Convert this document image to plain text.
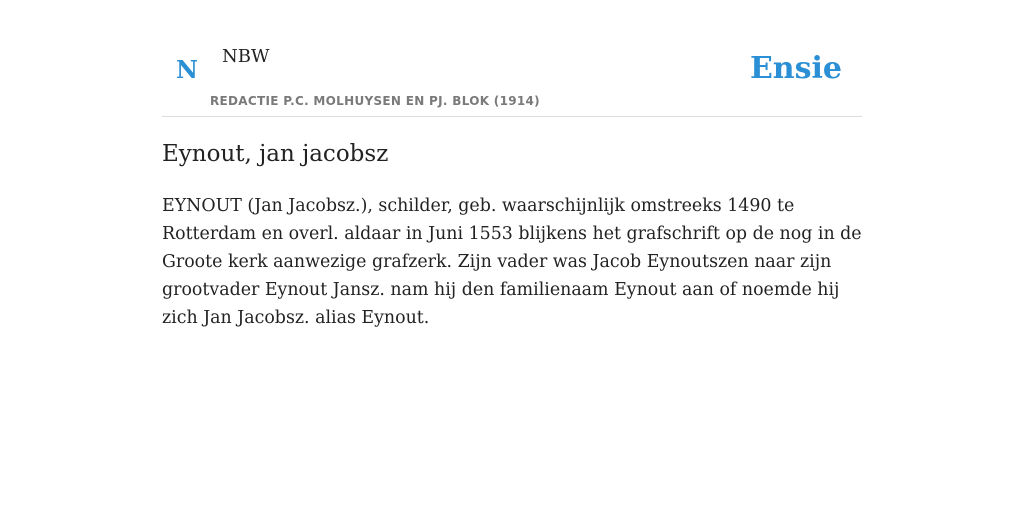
N NBW
REDACTIE P.C. MOLHUYSEN EN PJ. BLOK (1914)
Ensie
Eynout, jan jacobsz

EYNOUT (Jan Jacobsz.), schilder, geb. waarschijnlijk omstreeks 1490 te Rotterdam en overl. aldaar in Juni 1553 blijkens het grafschrift op de nog in de Groote kerk aanwezige grafzerk. Zijn vader was Jacob Eynoutszen naar zijn grootvader Eynout Jansz. nam hij den familienaam Eynout aan of noemde hij zich Jan Jacobsz. alias Eynout.
